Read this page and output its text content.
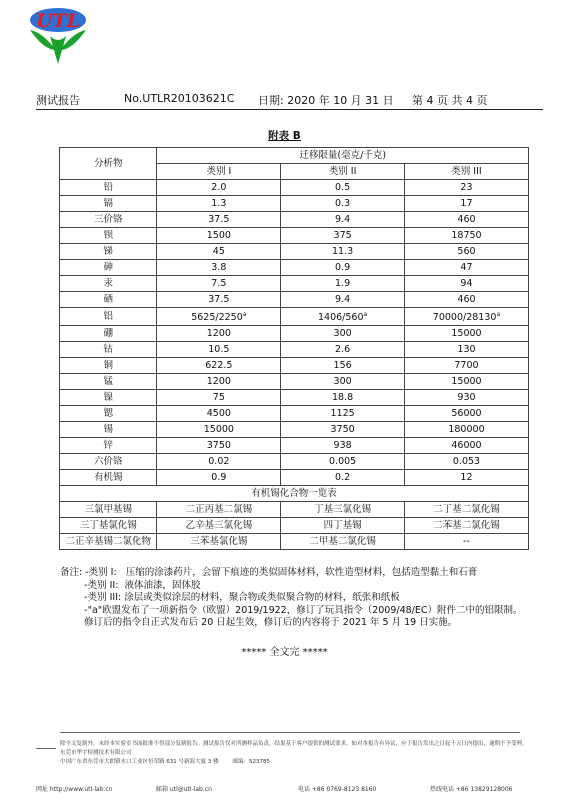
UTL
测试报告	No.UTLR20103621C 日期: 2020 年 10 月 31 日 第 4 页 共 4 页
附表 B
分析物	迁移限量(毫克/千克)		
	类别 I	类别 II	类别 III
铅	2.0	0.5	23
镉	1.3	0.3	17
三价铬	37.5	9.4	460
钡	1500	375	18750
锑	45	11.3	560
砷	3.8	0.9	47
汞	7.5	1.9	94
硒	37.5	9.4	460
铝	5625/2250$^a$	1406/560$^a$	70000/28130$^a$
硼	1200	300	15000
钴	10.5	2.6	130
铜	622.5	156	7700
锰	1200	300	15000
镍	75	18.8	930
锶	4500	1125	56000
锡	15000	3750	180000
锌	3750	938	46000
六价铬	0.02	0.005	0.053
有机锡	0.9	0.2	12
有机锡化合物一览表			
三氯甲基锡	二正丙基二氯锡	丁基三氯化锡	二丁基二氯化锡
三丁基氯化锡	乙辛基三氯化锡	四丁基锡	二苯基二氯化锡
二正辛基锡二氯化物	三苯基氯化锡	二甲基二氯化锡	--
备注: -类别 I:   压缩的涂漆药片，会留下痕迹的类似固体材料，软性造型材料，包括造型黏土和石膏
-类别 II:  液体油漆，固体胶
-类别 III: 涂层或类似涂层的材料，聚合物或类似聚合物的材料，纸张和纸板
-"a"欧盟发布了一项新指令（欧盟）2019/1922，修订了玩具指令（2009/48/EC）附件二中的铝限制。
修订后的指令自正式发布后 20 日起生效，修订后的内容将于 2021 年 5 月 19 日实施。
***** 全文完 *****
除全文复制外，未经本实验室书面批准不得部分复制报告。测试报告仅对所测样品负责，结果基于客户提供的测试要求。如对本报告有异议，应于报告发出之日起十五日内提出，逾期不予受理。
东莞市华宇检测技术有限公司
中国广东省东莞市大朗镇水口工业区恒荣路 631 号新海大厦 3 楼        邮编：523785
网址 http://www.utl-lab.cn	邮箱 utl@utl-lab.cn	电话 +86 0769-8123 8160	热线电话 +86 13829128006
